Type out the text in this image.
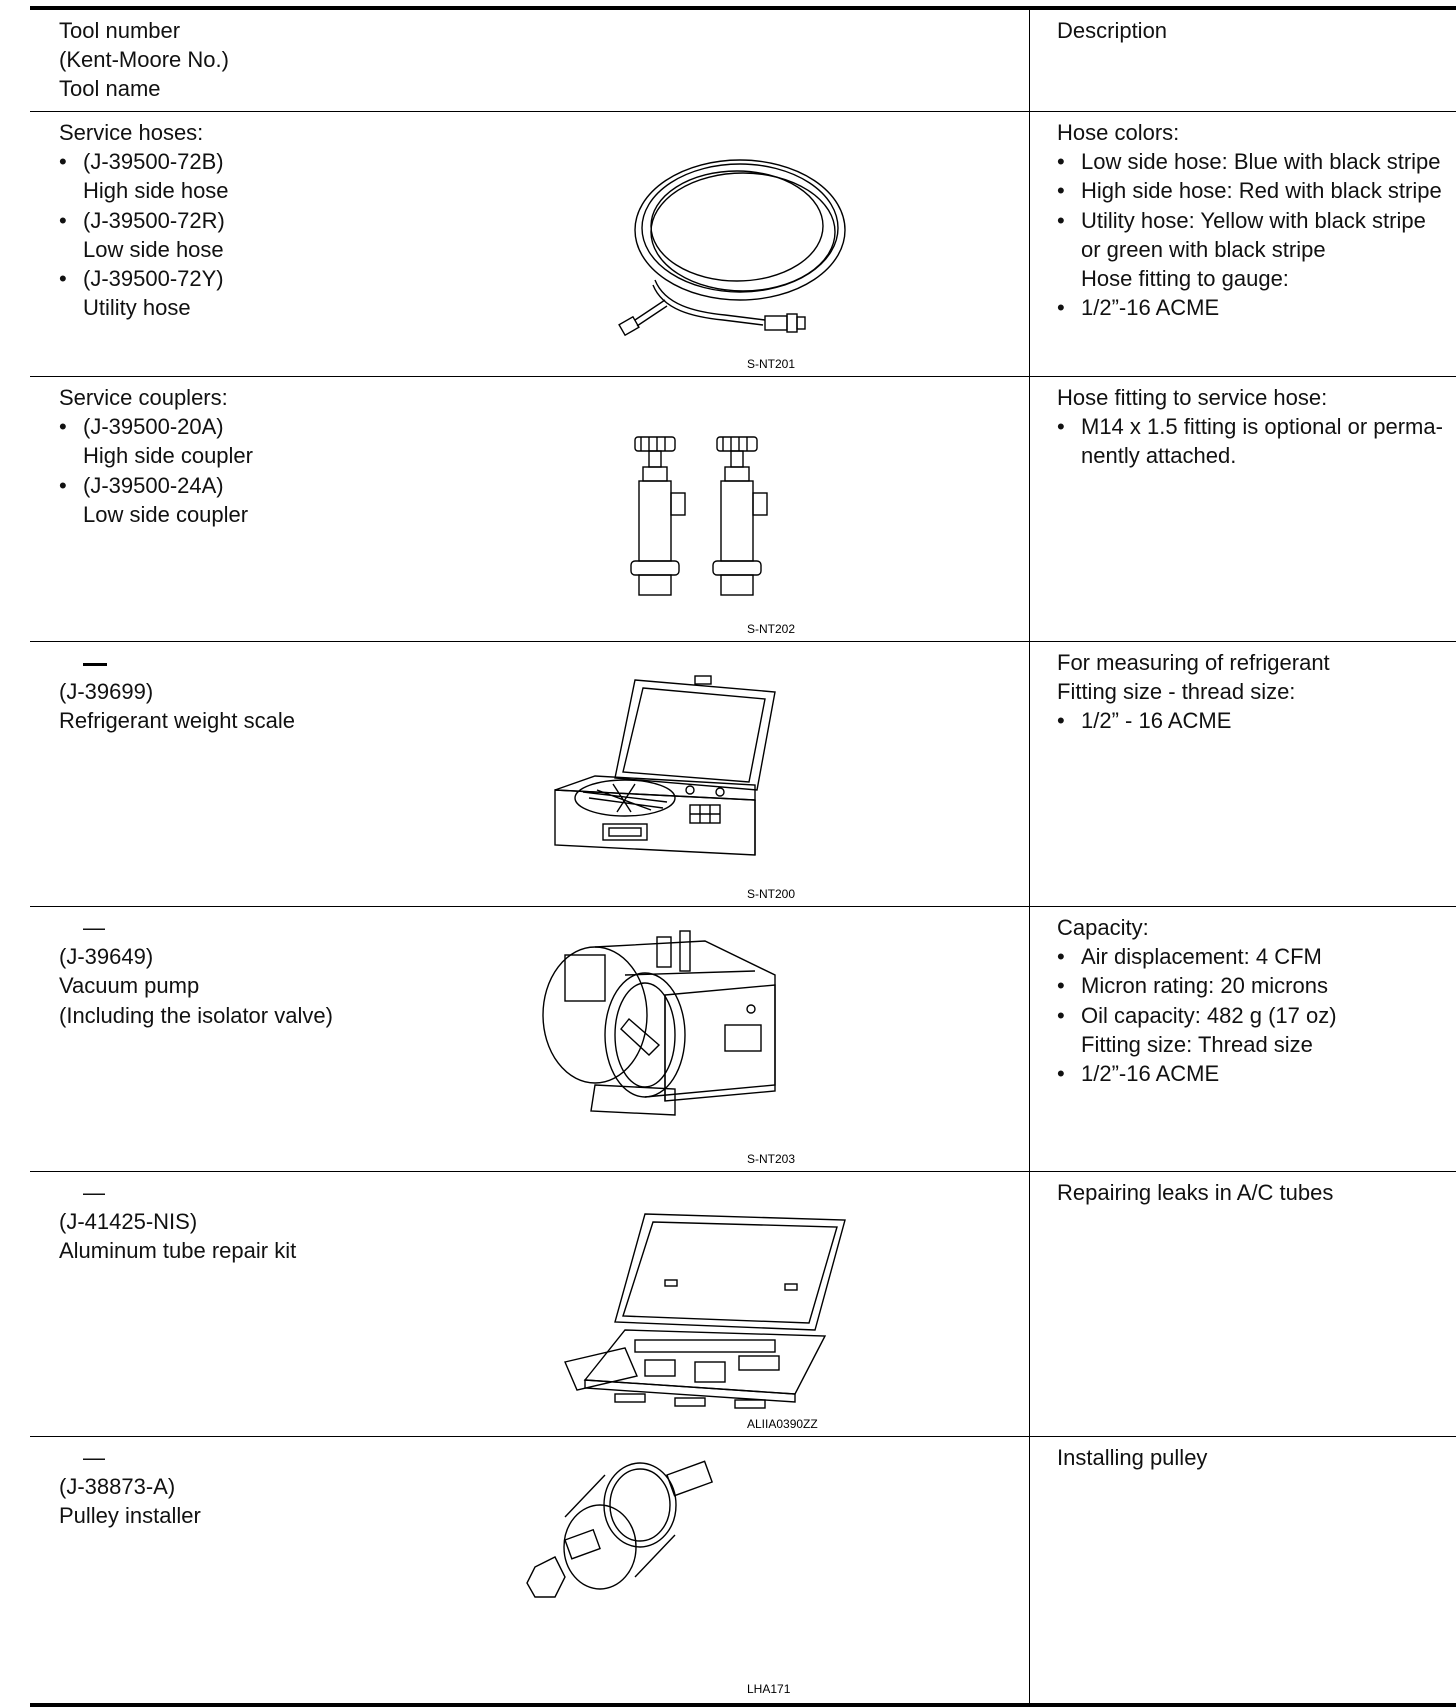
Tool number
(Kent-Moore No.)
Tool name
Description
Service hoses:
• (J-39500-72B)
High side hose
• (J-39500-72R)
Low side hose
• (J-39500-72Y)
Utility hose
S-NT201
Hose colors:
• Low side hose: Blue with black stripe
• High side hose: Red with black stripe
• Utility hose: Yellow with black stripe
or green with black stripe
Hose fitting to gauge:
• 1/2”-16 ACME
Service couplers:
• (J-39500-20A)
High side coupler
• (J-39500-24A)
Low side coupler
S-NT202
Hose fitting to service hose:
• M14 x 1.5 fitting is optional or perma-
nently attached.
(J-39699)
Refrigerant weight scale
S-NT200
For measuring of refrigerant
Fitting size - thread size:
• 1/2” - 16 ACME
—
(J-39649)
Vacuum pump
(Including the isolator valve)
S-NT203
Capacity:
• Air displacement: 4 CFM
• Micron rating: 20 microns
• Oil capacity: 482 g (17 oz)
Fitting size: Thread size
• 1/2”-16 ACME
—
(J-41425-NIS)
Aluminum tube repair kit
ALIIA0390ZZ
Repairing leaks in A/C tubes
—
(J-38873-A)
Pulley installer
LHA171
Installing pulley
